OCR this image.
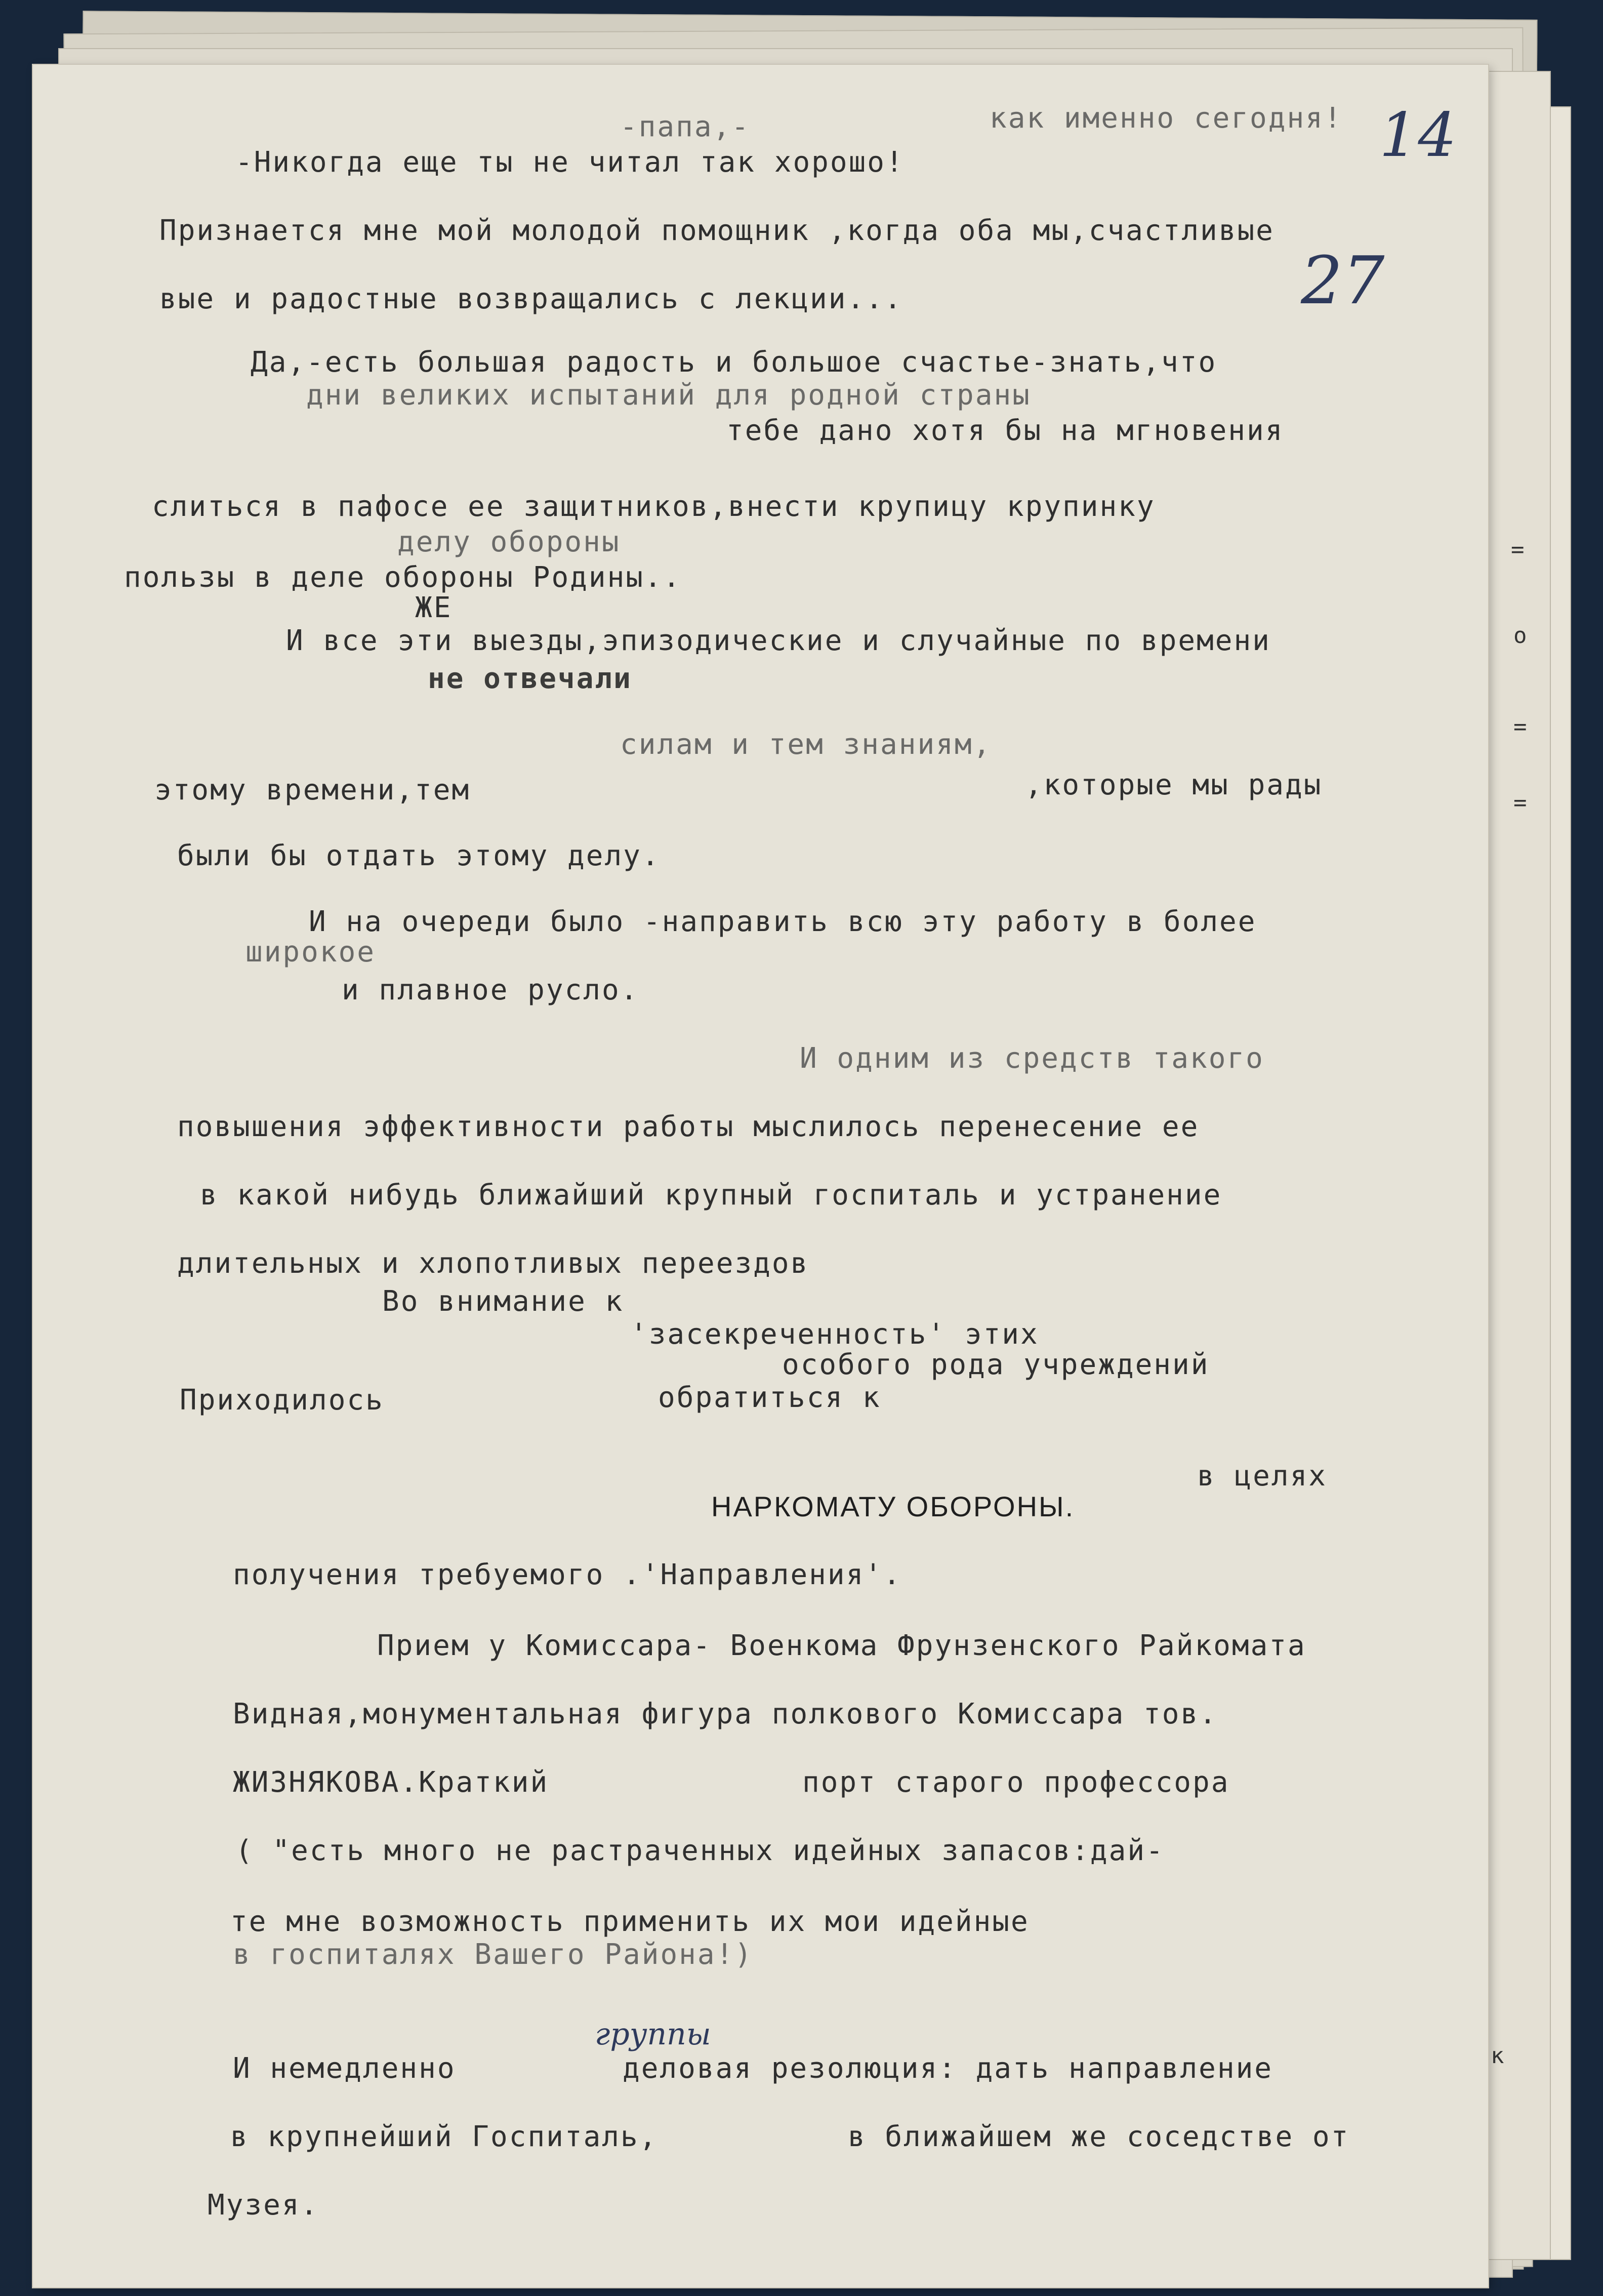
14
27
-папа,-	как именно сегодня!
-Никогда еще ты не читал так хорошо!
Признается мне мой молодой помощник ,когда оба мы,счастливые
вые и радостные возвращались с лекции...
Да,-есть большая радость и большое счастье-знать,что
дни великих испытаний для родной страны
тебе дано хотя бы на мгновения
слиться в пафосе ее защитников,внести крупицу крупинку
делу обороны
пользы в деле обороны Родины..
ЖЕ
И все эти выезды,эпизодические и случайные по времени
не отвечали
силам и тем знаниям,
этому времени,тем	,которые мы рады
были бы отдать этому делу.
И на очереди было -направить всю эту работу в более
широкое
и плавное русло.
И одним из средств такого
повышения эффективности работы мыслилось перенесение ее
в какой нибудь ближайший крупный госпиталь и устранение
длительных и хлопотливых переездов
Во внимание к
'засекреченность' этих
особого рода учреждений
Приходилось	обратиться к
в целях
НАРКОМАТУ ОБОРОНЫ.
получения требуемого .'Направления'.
Прием у Комиссара- Военкома Фрунзенского Райкомата
Видная,монументальная фигура полкового Комиссара тов.
ЖИЗНЯКОВА.Краткий	порт старого профессора
( "есть много не растраченных идейных запасов:дай-
те мне возможность применить их мои идейные
в госпиталях Вашего Района!)
группы
И немедленно	деловая резолюция: дать направление
в крупнейший Госпиталь,	в ближайшем же соседстве от
Музея.
=
о
=
=
к
